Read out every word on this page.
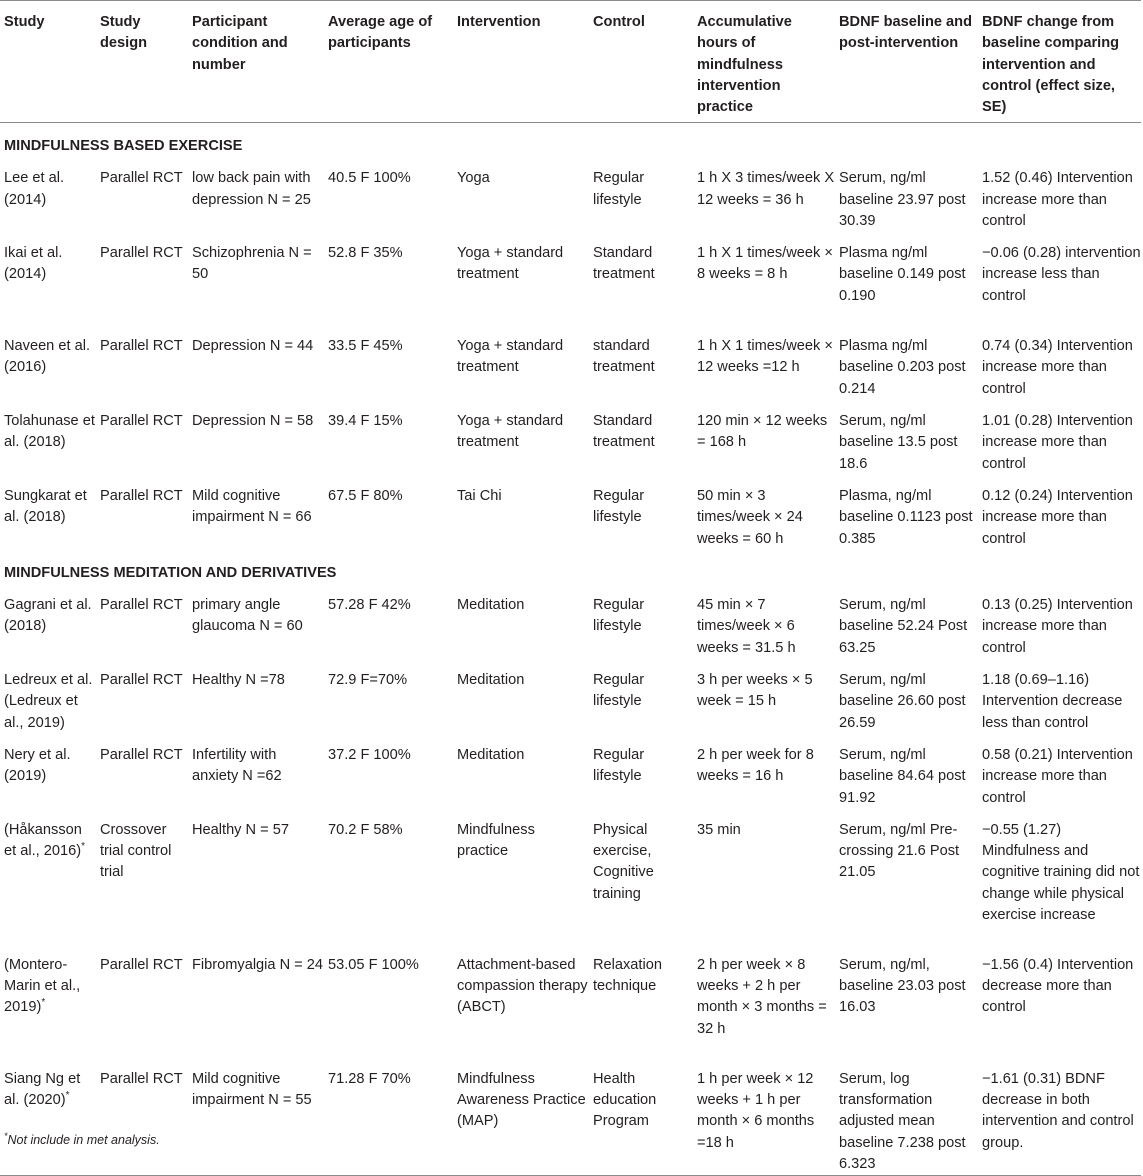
Study	Study design	Participant condition and number	Average age of participants	Intervention	Control	Accumulative hours of mindfulness intervention practice	BDNF baseline and post-intervention	BDNF change from baseline comparing intervention and control (effect size, SE)
MINDFULNESS BASED EXERCISE								
Lee et al. (2014)	Parallel RCT	low back pain with depression N = 25	40.5 F 100%	Yoga	Regular lifestyle	1 h X 3 times/week X 12 weeks = 36 h	Serum, ng/ml baseline 23.97 post 30.39	1.52 (0.46) Intervention increase more than control
Ikai et al. (2014)	Parallel RCT	Schizophrenia N = 50	52.8 F 35%	Yoga + standard treatment	Standard treatment	1 h X 1 times/week × 8 weeks = 8 h	Plasma ng/ml baseline 0.149 post 0.190	−0.06 (0.28) intervention increase less than control
Naveen et al. (2016)	Parallel RCT	Depression N = 44	33.5 F 45%	Yoga + standard treatment	standard treatment	1 h X 1 times/week × 12 weeks =12 h	Plasma ng/ml baseline 0.203 post 0.214	0.74 (0.34) Intervention increase more than control
Tolahunase et al. (2018)	Parallel RCT	Depression N = 58	39.4 F 15%	Yoga + standard treatment	Standard treatment	120 min × 12 weeks = 168 h	Serum, ng/ml baseline 13.5 post 18.6	1.01 (0.28) Intervention increase more than control
Sungkarat et al. (2018)	Parallel RCT	Mild cognitive impairment N = 66	67.5 F 80%	Tai Chi	Regular lifestyle	50 min × 3 times/week × 24 weeks = 60 h	Plasma, ng/ml baseline 0.1123 post 0.385	0.12 (0.24) Intervention increase more than control
MINDFULNESS MEDITATION AND DERIVATIVES								
Gagrani et al. (2018)	Parallel RCT	primary angle glaucoma N = 60	57.28 F 42%	Meditation	Regular lifestyle	45 min × 7 times/week × 6 weeks = 31.5 h	Serum, ng/ml baseline 52.24 Post 63.25	0.13 (0.25) Intervention increase more than control
Ledreux et al. (Ledreux et al., 2019)	Parallel RCT	Healthy N =78	72.9 F=70%	Meditation	Regular lifestyle	3 h per weeks × 5 week = 15 h	Serum, ng/ml baseline 26.60 post 26.59	1.18 (0.69–1.16) Intervention decrease less than control
Nery et al. (2019)	Parallel RCT	Infertility with anxiety N =62	37.2 F 100%	Meditation	Regular lifestyle	2 h per week for 8 weeks = 16 h	Serum, ng/ml baseline 84.64 post 91.92	0.58 (0.21) Intervention increase more than control
(Håkansson et al., 2016)*	Crossover trial control trial	Healthy N = 57	70.2 F 58%	Mindfulness practice	Physical exercise, Cognitive training	35 min	Serum, ng/ml Pre-crossing 21.6 Post 21.05	−0.55 (1.27) Mindfulness and cognitive training did not change while physical exercise increase
(Montero-Marin et al., 2019)*	Parallel RCT	Fibromyalgia N = 24	53.05 F 100%	Attachment-based compassion therapy (ABCT)	Relaxation technique	2 h per week × 8 weeks + 2 h per month × 3 months = 32 h	Serum, ng/ml, baseline 23.03 post 16.03	−1.56 (0.4) Intervention decrease more than control
Siang Ng et al. (2020)*	Parallel RCT	Mild cognitive impairment N = 55	71.28 F 70%	Mindfulness Awareness Practice (MAP)	Health education Program	1 h per week × 12 weeks + 1 h per month × 6 months =18 h	Serum, log transformation adjusted mean baseline 7.238 post 6.323	−1.61 (0.31) BDNF decrease in both intervention and control group.
*Not include in met analysis.
